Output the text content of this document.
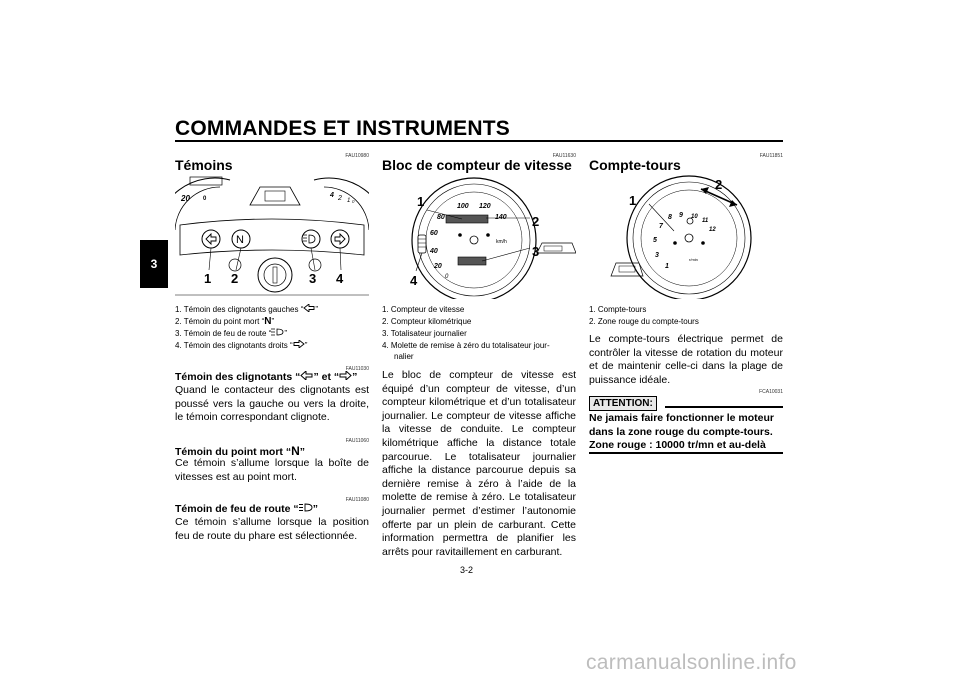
COMMANDES ET INSTRUMENTS
3
FAU10980
Témoins
20 0	4 2 1 ₀
N
1 2	3 4
1. Témoin des clignotants gauches “ ”
2. Témoin du point mort “N”
3. Témoin de feu de route “ ”
4. Témoin des clignotants droits “ ”
FAU11030
Témoin des clignotants “ ” et “ ”
Quand le contacteur des clignotants est poussé vers la gauche ou vers la droite, le témoin correspondant clignote.
FAU11060
Témoin du point mort “N”
Ce témoin s’allume lorsque la boîte de vitesses est au point mort.
FAU11080
Témoin de feu de route “ ”
Ce témoin s’allume lorsque la position feu de route du phare est sélectionnée.
FAU11630
Bloc de compteur de vitesse
20
40
60
80
100 120
140
0
km/h
1
2
3
4
1. Compteur de vitesse
2. Compteur kilométrique
3. Totalisateur journalier
4. Molette de remise à zéro du totalisateur jour-
nalier
Le bloc de compteur de vitesse est équipé d’un compteur de vitesse, d’un compteur kilométrique et d’un totalisateur journalier. Le compteur de vitesse affiche la vitesse de conduite. Le compteur kilométrique affiche la distance totale parcourue. Le totalisateur journalier affiche la distance parcourue depuis sa dernière remise à zéro à l’aide de la molette de remise à zéro. Le totalisateur journalier permet d’estimer l’autonomie offerte par un plein de carburant. Cette information permettra de planifier les arrêts pour ravitaillement en carburant.
FAU11851
Compte-tours
1
3
5
7
8 9 10
11
12
r/min
1
2
1. Compte-tours
2. Zone rouge du compte-tours
Le compte-tours électrique permet de contrôler la vitesse de rotation du moteur et de maintenir celle-ci dans la plage de puissance idéale.
FCA10031
ATTENTION:
Ne jamais faire fonctionner le moteur dans la zone rouge du compte-tours.
Zone rouge : 10000 tr/mn et au-delà
3-2
carmanualsonline.info
